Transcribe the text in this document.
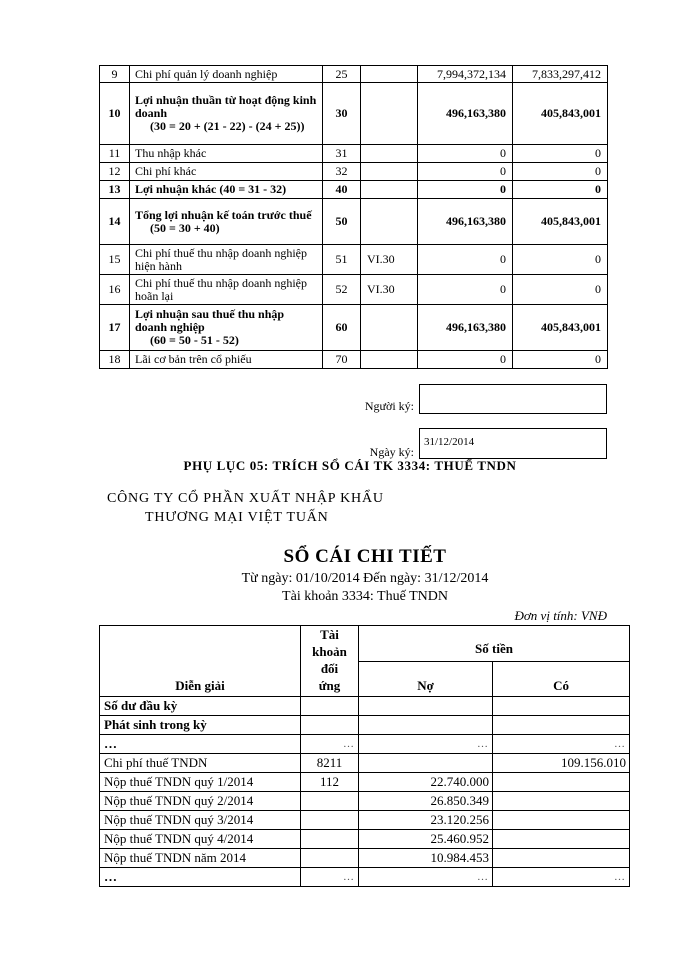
9	Chi phí quản lý doanh nghiệp	25		7,994,372,134	7,833,297,412
10	Lợi nhuận thuần từ hoạt động kinh doanh
(30 = 20 + (21 - 22) - (24 + 25))	30		496,163,380	405,843,001
11	Thu nhập khác	31		0	0
12	Chi phí khác	32		0	0
13	Lợi nhuận khác (40 = 31 - 32)	40		0	0
14	Tổng lợi nhuận kế toán trước thuế
(50 = 30 + 40)	50		496,163,380	405,843,001
15	Chi phí thuế thu nhập doanh nghiệp hiện hành	51	VI.30	0	0
16	Chi phí thuế thu nhập doanh nghiệp hoãn lại	52	VI.30	0	0
17	Lợi nhuận sau thuế thu nhập doanh nghiệp
(60 = 50 - 51 - 52)	60		496,163,380	405,843,001
18	Lãi cơ bản trên cổ phiếu	70		0	0
Người ký:
Ngày ký:
31/12/2014
PHỤ LỤC 05: TRÍCH SỔ CÁI TK 3334: THUẾ TNDN
CÔNG TY CỔ PHẦN XUẤT NHẬP KHẨU
THƯƠNG MẠI VIỆT TUẤN
SỔ CÁI CHI TIẾT
Từ ngày: 01/10/2014 Đến ngày: 31/12/2014
Tài khoản 3334: Thuế TNDN
Đơn vị tính: VNĐ
Diễn giải	Tài khoản đối ứng	Số tiền	
		Nợ	Có
Số dư đầu kỳ			
Phát sinh trong kỳ			
…	…	…	…
Chi phí thuế TNDN	8211		109.156.010
Nộp thuế TNDN quý 1/2014	112	22.740.000	
Nộp thuế TNDN quý 2/2014		26.850.349	
Nộp thuế TNDN quý 3/2014		23.120.256	
Nộp thuế TNDN quý 4/2014		25.460.952	
Nộp thuế TNDN năm 2014		10.984.453	
…	…	…	…
